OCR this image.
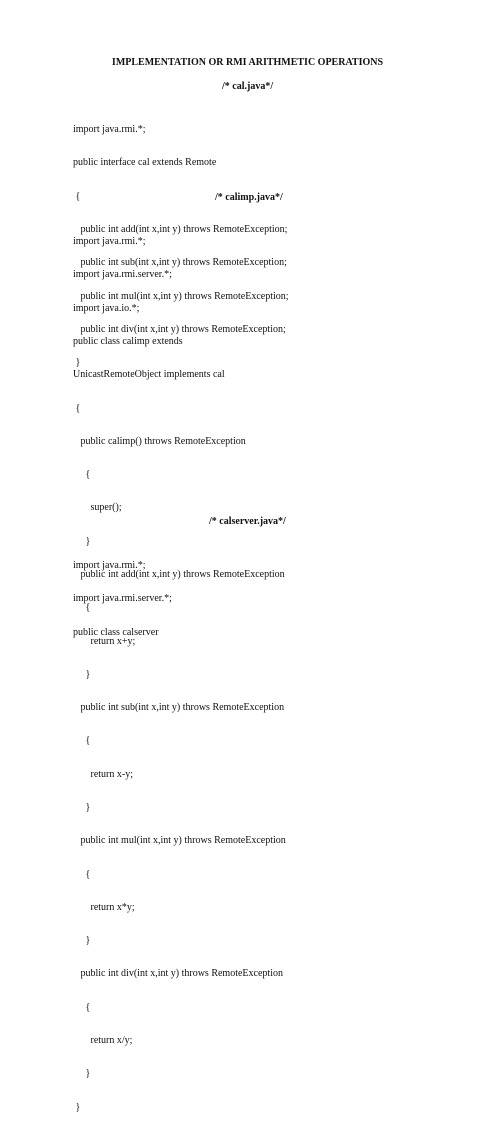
IMPLEMENTATION OR RMI ARITHMETIC OPERATIONS
/* cal.java*/

import java.rmi.*;

public interface cal extends Remote

{

public int add(int x,int y) throws RemoteException;

public int sub(int x,int y) throws RemoteException;

public int mul(int x,int y) throws RemoteException;

public int div(int x,int y) throws RemoteException;

}

/* calimp.java*/

import java.rmi.*;

import java.rmi.server.*;

import java.io.*;

public class calimp extends

UnicastRemoteObject implements cal

{

public calimp() throws RemoteException

{

super();

}

public int add(int x,int y) throws RemoteException

{

return x+y;

}

public int sub(int x,int y) throws RemoteException

{

return x-y;

}

public int mul(int x,int y) throws RemoteException

{

return x*y;

}

public int div(int x,int y) throws RemoteException

{

return x/y;

}

}

/* calserver.java*/

import java.rmi.*;

import java.rmi.server.*;

public class calserver
